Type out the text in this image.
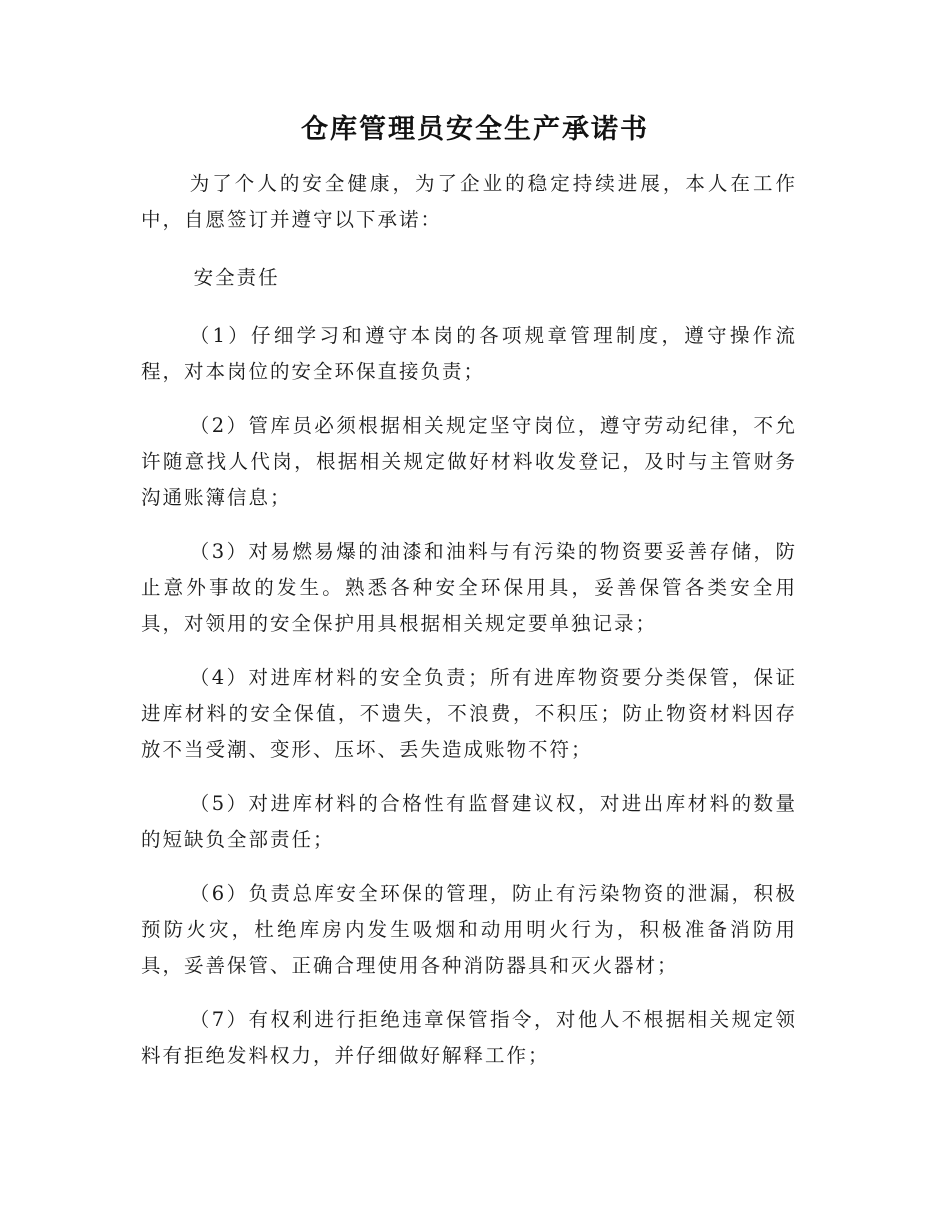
仓库管理员安全生产承诺书

为了个人的安全健康，为了企业的稳定持续进展，本人在工作中，自愿签订并遵守以下承诺：

安全责任

（1）仔细学习和遵守本岗的各项规章管理制度，遵守操作流程，对本岗位的安全环保直接负责；

（2）管库员必须根据相关规定坚守岗位，遵守劳动纪律，不允许随意找人代岗，根据相关规定做好材料收发登记，及时与主管财务沟通账簿信息；

（3）对易燃易爆的油漆和油料与有污染的物资要妥善存储，防止意外事故的发生。熟悉各种安全环保用具，妥善保管各类安全用具，对领用的安全保护用具根据相关规定要单独记录；

（4）对进库材料的安全负责；所有进库物资要分类保管，保证进库材料的安全保值，不遗失，不浪费，不积压；防止物资材料因存放不当受潮、变形、压坏、丢失造成账物不符；

（5）对进库材料的合格性有监督建议权，对进出库材料的数量的短缺负全部责任；

（6）负责总库安全环保的管理，防止有污染物资的泄漏，积极预防火灾，杜绝库房内发生吸烟和动用明火行为，积极准备消防用具，妥善保管、正确合理使用各种消防器具和灭火器材；

（7）有权利进行拒绝违章保管指令，对他人不根据相关规定领料有拒绝发料权力，并仔细做好解释工作；
